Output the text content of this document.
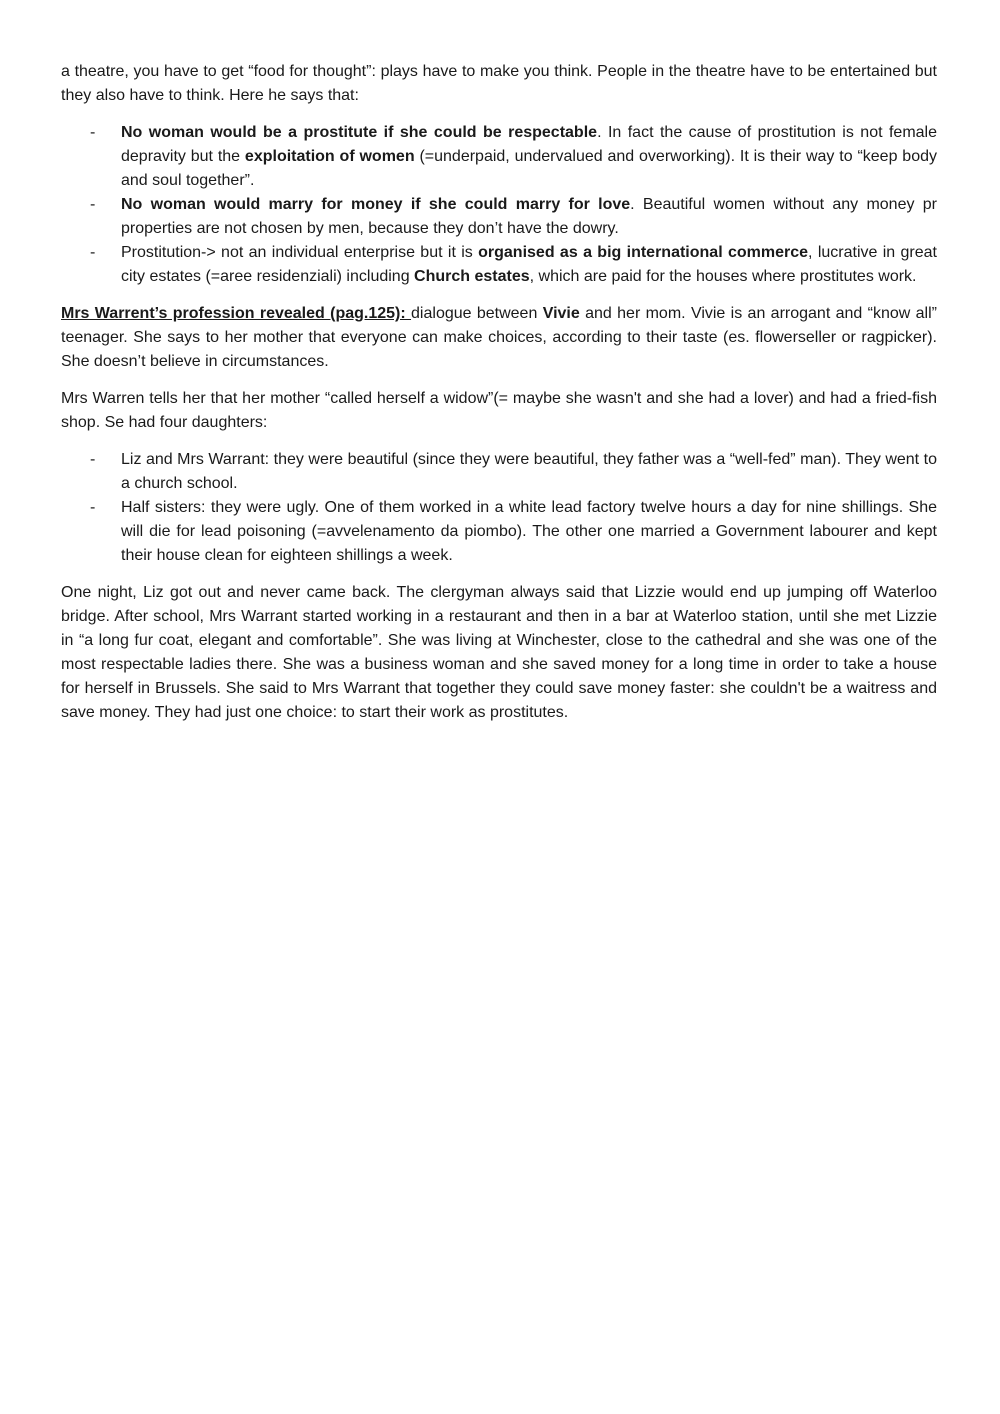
a theatre, you have to get “food for thought”: plays have to make you think. People in the theatre have to be entertained but they also have to think. Here he says that:

- No woman would be a prostitute if she could be respectable. In fact the cause of prostitution is not female depravity but the exploitation of women (=underpaid, undervalued and overworking). It is their way to “keep body and soul together”.
- No woman would marry for money if she could marry for love. Beautiful women without any money pr properties are not chosen by men, because they don’t have the dowry.
- Prostitution-> not an individual enterprise but it is organised as a big international commerce, lucrative in great city estates (=aree residenziali) including Church estates, which are paid for the houses where prostitutes work.

Mrs Warrent’s profession revealed (pag.125): dialogue between Vivie and her mom. Vivie is an arrogant and “know all” teenager. She says to her mother that everyone can make choices, according to their taste (es. flowerseller or ragpicker). She doesn’t believe in circumstances.

Mrs Warren tells her that her mother “called herself a widow”(= maybe she wasn't and she had a lover) and had a fried-fish shop. Se had four daughters:

- Liz and Mrs Warrant: they were beautiful (since they were beautiful, they father was a “well-fed” man). They went to a church school.
- Half sisters: they were ugly. One of them worked in a white lead factory twelve hours a day for nine shillings. She will die for lead poisoning (=avvelenamento da piombo). The other one married a Government labourer and kept their house clean for eighteen shillings a week.

One night, Liz got out and never came back. The clergyman always said that Lizzie would end up jumping off Waterloo bridge. After school, Mrs Warrant started working in a restaurant and then in a bar at Waterloo station, until she met Lizzie in “a long fur coat, elegant and comfortable”. She was living at Winchester, close to the cathedral and she was one of the most respectable ladies there. She was a business woman and she saved money for a long time in order to take a house for herself in Brussels. She said to Mrs Warrant that together they could save money faster: she couldn't be a waitress and save money. They had just one choice: to start their work as prostitutes.
